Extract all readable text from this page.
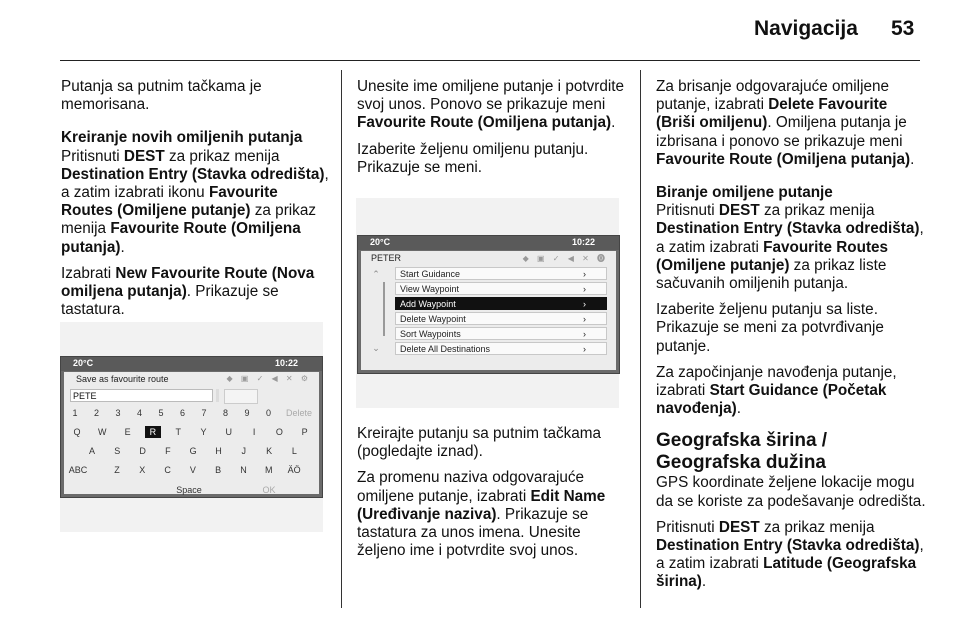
Navigacija 53

Putanja sa putnim tačkama je memorisana.

Kreiranje novih omiljenih putanja

Pritisnuti DEST za prikaz menija Destination Entry (Stavka odredišta), a zatim izabrati ikonu Favourite Routes (Omiljene putanje) za prikaz menija Favourite Route (Omiljena putanja).

Izabrati New Favourite Route (Nova omiljena putanja). Prikazuje se tastatura.

20°C	10:22
Save as favourite route	◆ ▣ ✓ ◀ ✕ ⚙
PETE
1	2	3	4	5	6	7	8	9	0	Delete
Q	W	E	R	T	Y	U	I	O	P
A	S	D	F	G	H	J	K	L
ABC	Z	X	C	V	B	N	M	ÄÖ
Space	OK

Unesite ime omiljene putanje i potvrdite svoj unos. Ponovo se prikazuje meni Favourite Route (Omiljena putanja).

Izaberite željenu omiljenu putanju. Prikazuje se meni.

20°C	10:22
PETER	◆ ▣ ✓ ◀ ✕ ⓿
⌃
⌄
Start Guidance	›
View Waypoint	›
Add Waypoint	›
Delete Waypoint	›
Sort Waypoints	›
Delete All Destinations	›

Kreirajte putanju sa putnim tačkama (pogledajte iznad).

Za promenu naziva odgovarajuće omiljene putanje, izabrati Edit Name (Uređivanje naziva). Prikazuje se tastatura za unos imena. Unesite željeno ime i potvrdite svoj unos.

Za brisanje odgovarajuće omiljene putanje, izabrati Delete Favourite (Briši omiljenu). Omiljena putanja je izbrisana i ponovo se prikazuje meni Favourite Route (Omiljena putanja).

Biranje omiljene putanje

Pritisnuti DEST za prikaz menija Destination Entry (Stavka odredišta), a zatim izabrati Favourite Routes (Omiljene putanje) za prikaz liste sačuvanih omiljenih putanja.

Izaberite željenu putanju sa liste. Prikazuje se meni za potvrđivanje putanje.

Za započinjanje navođenja putanje, izabrati Start Guidance (Početak navođenja).

Geografska širina / Geografska dužina

GPS koordinate željene lokacije mogu da se koriste za podešavanje odredišta.

Pritisnuti DEST za prikaz menija Destination Entry (Stavka odredišta), a zatim izabrati Latitude (Geografska širina).
